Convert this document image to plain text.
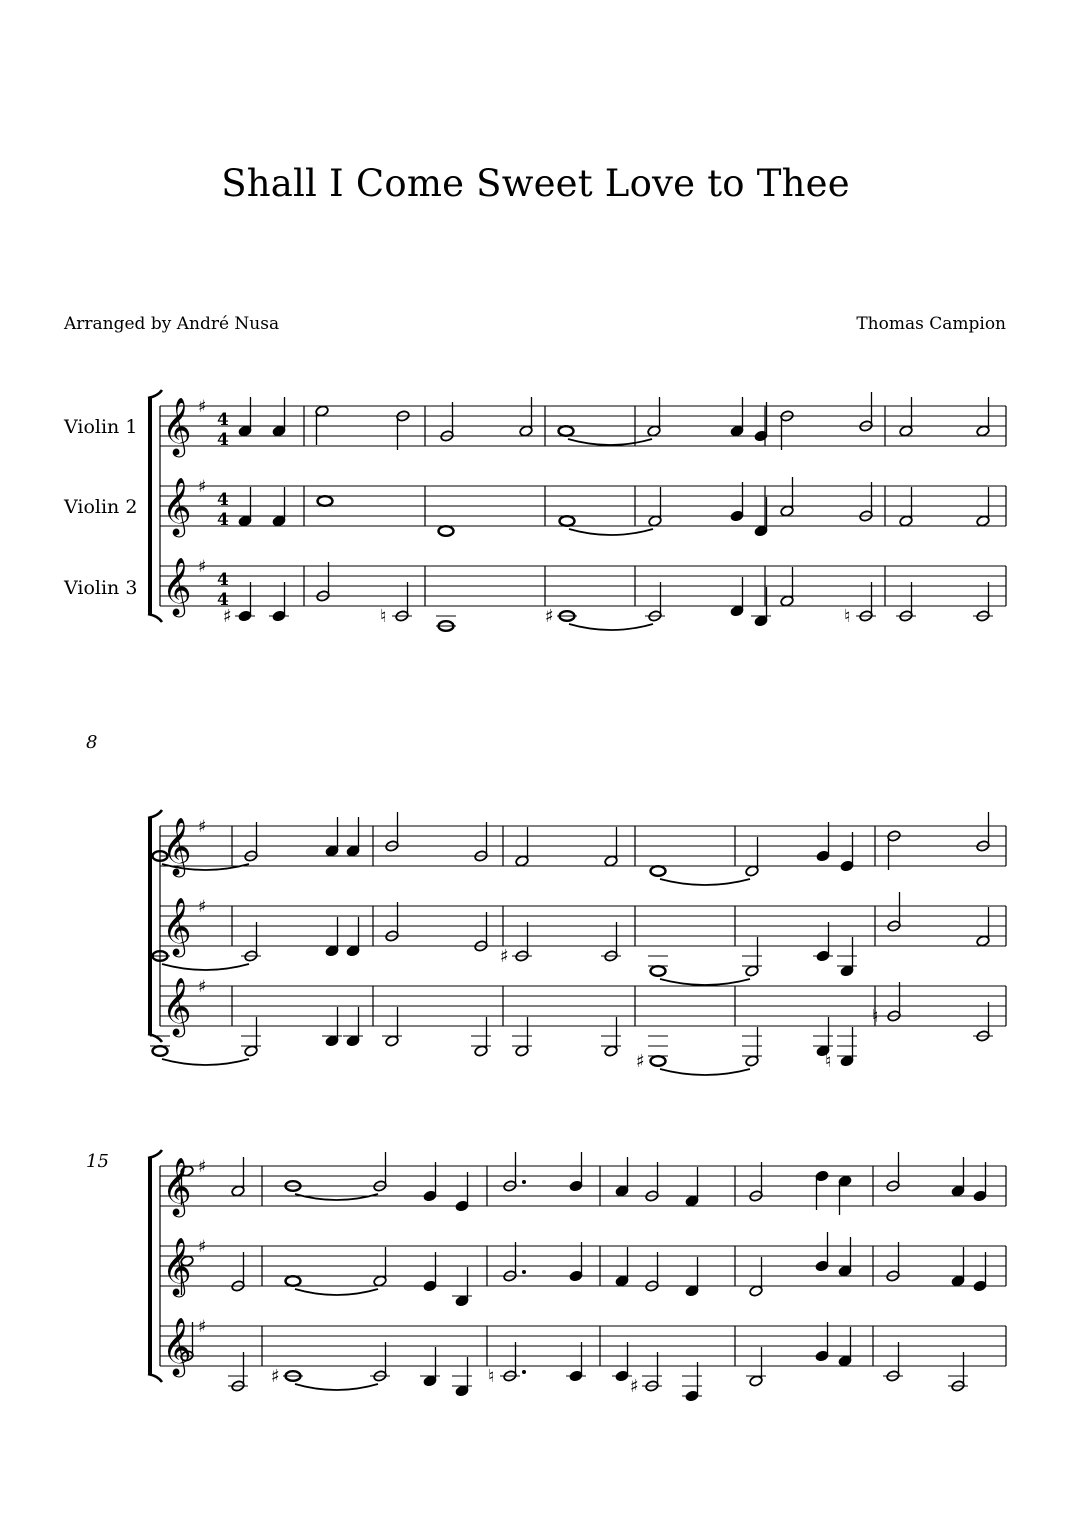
Shall I Come Sweet Love to Thee
Arranged by André Nusa	Thomas Campion
Violin 1
Violin 2
Violin 3
8
15
𝄞 ♯
4
4
𝄞 ♯
4
4
𝄞 ♯
4
4
♯	♮	♯	♮
𝄞 ♯
𝄞 ♯
𝄞 ♯
♯
♯	♮
♮
𝄞 ♯
𝄞 ♯
𝄞 ♯
♯	♮	♯
